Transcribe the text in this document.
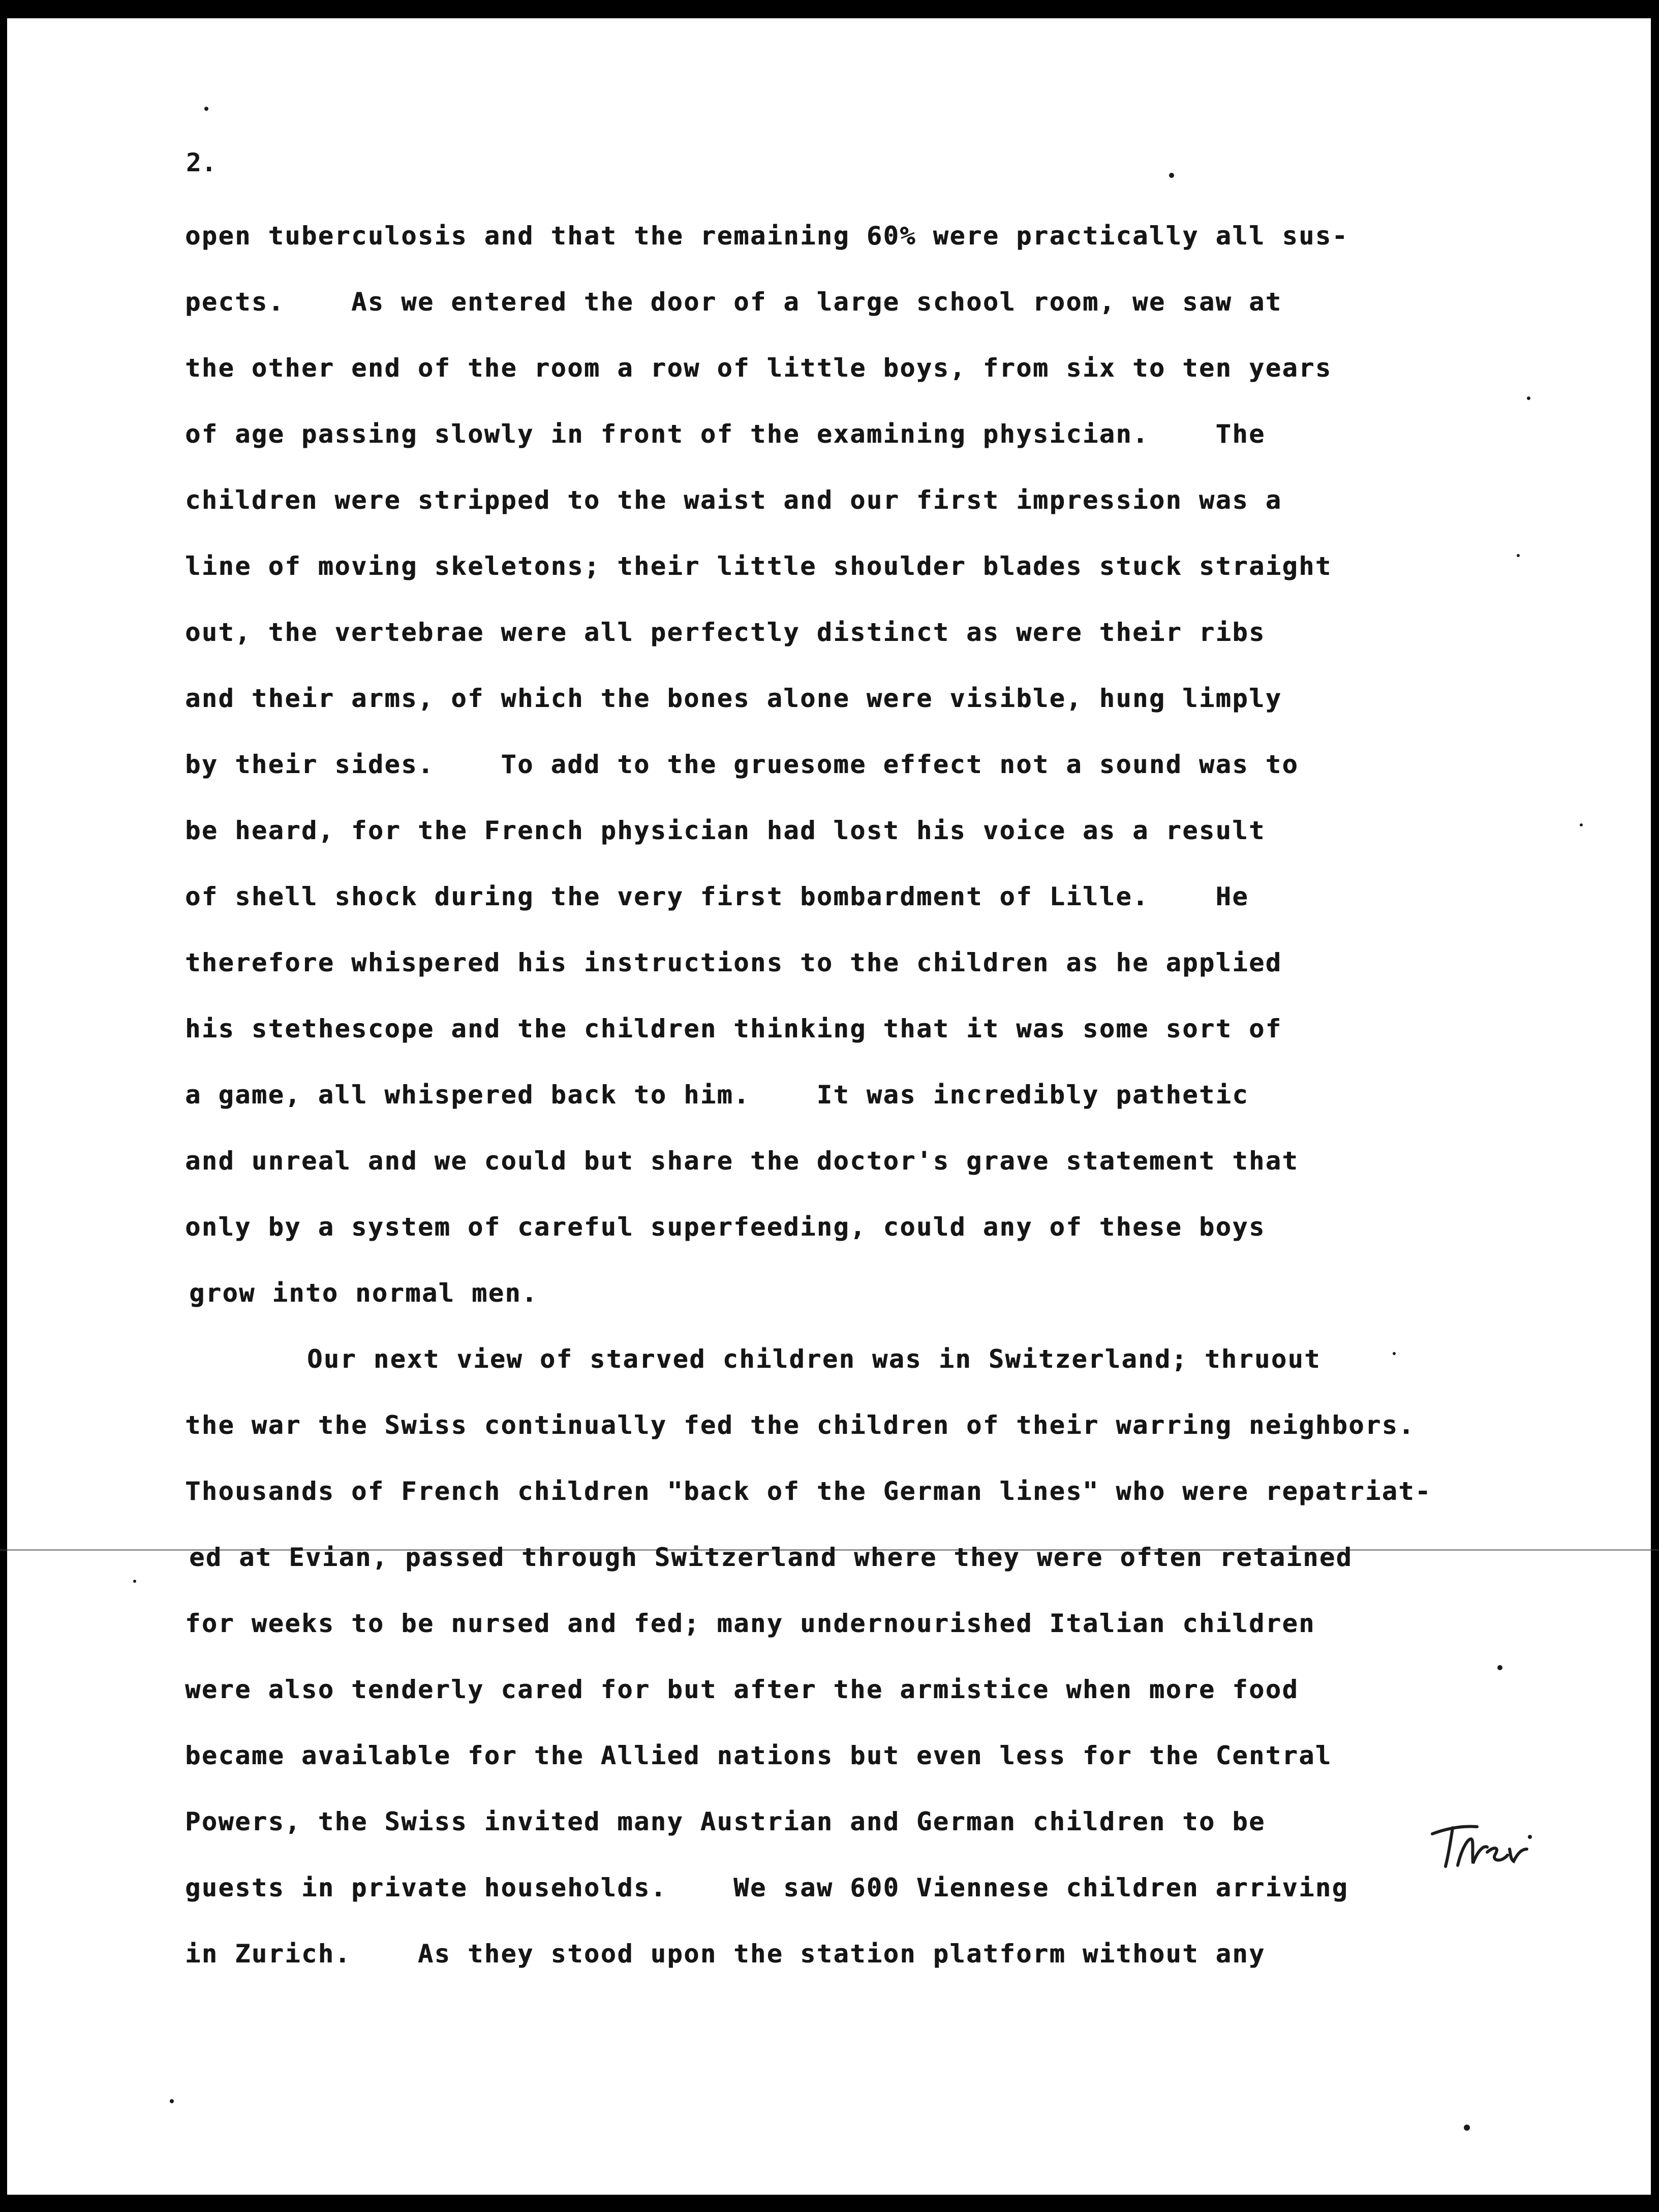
2.
open tuberculosis and that the remaining 60% were practically all sus-
pects.    As we entered the door of a large school room, we saw at
the other end of the room a row of little boys, from six to ten years
of age passing slowly in front of the examining physician.    The
children were stripped to the waist and our first impression was a
line of moving skeletons; their little shoulder blades stuck straight
out, the vertebrae were all perfectly distinct as were their ribs
and their arms, of which the bones alone were visible, hung limply
by their sides.    To add to the gruesome effect not a sound was to
be heard, for the French physician had lost his voice as a result
of shell shock during the very first bombardment of Lille.    He
therefore whispered his instructions to the children as he applied
his stethescope and the children thinking that it was some sort of
a game, all whispered back to him.    It was incredibly pathetic
and unreal and we could but share the doctor's grave statement that
only by a system of careful superfeeding, could any of these boys
grow into normal men.
Our next view of starved children was in Switzerland; thruout
the war the Swiss continually fed the children of their warring neighbors.
Thousands of French children "back of the German lines" who were repatriat-
ed at Evian, passed through Switzerland where they were often retained
for weeks to be nursed and fed; many undernourished Italian children
were also tenderly cared for but after the armistice when more food
became available for the Allied nations but even less for the Central
Powers, the Swiss invited many Austrian and German children to be
guests in private households.    We saw 600 Viennese children arriving
in Zurich.    As they stood upon the station platform without any
